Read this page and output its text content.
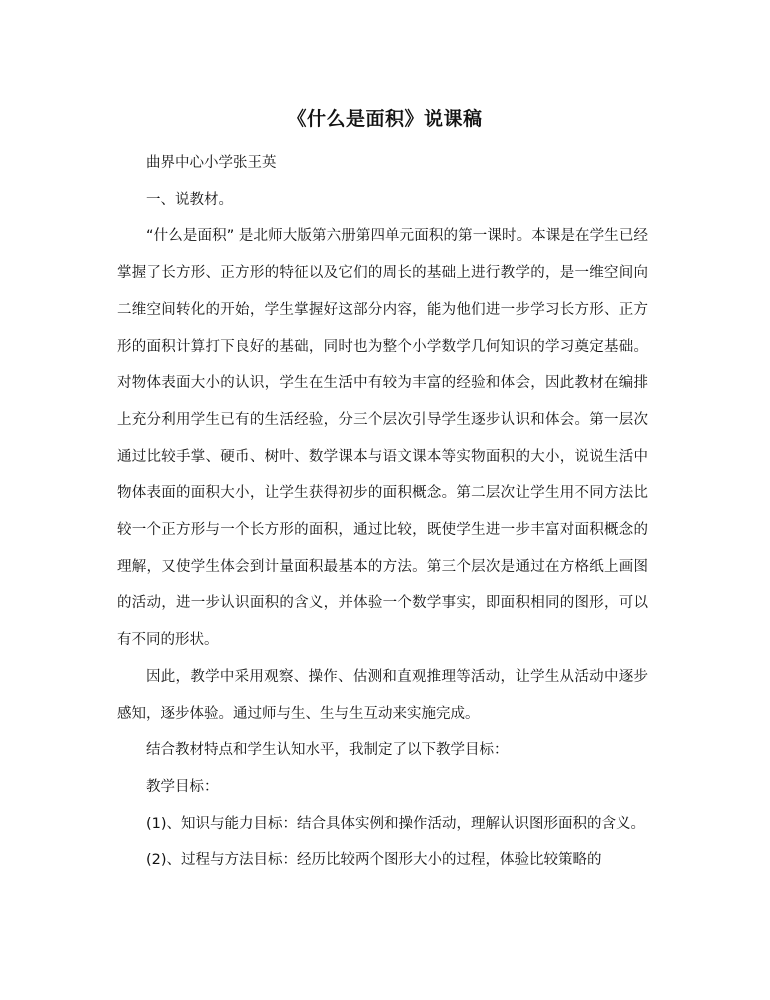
《什么是面积》说课稿

曲界中心小学张王英

一、说教材。

“什么是面积” 是北师大版第六册第四单元面积的第一课时。本课是在学生已经掌握了长方形、正方形的特征以及它们的周长的基础上进行教学的，是一维空间向二维空间转化的开始，学生掌握好这部分内容，能为他们进一步学习长方形、正方形的面积计算打下良好的基础，同时也为整个小学数学几何知识的学习奠定基础。对物体表面大小的认识，学生在生活中有较为丰富的经验和体会，因此教材在编排上充分利用学生已有的生活经验，分三个层次引导学生逐步认识和体会。第一层次通过比较手掌、硬币、树叶、数学课本与语文课本等实物面积的大小，说说生活中物体表面的面积大小，让学生获得初步的面积概念。第二层次让学生用不同方法比较一个正方形与一个长方形的面积，通过比较，既使学生进一步丰富对面积概念的理解，又使学生体会到计量面积最基本的方法。第三个层次是通过在方格纸上画图的活动，进一步认识面积的含义，并体验一个数学事实，即面积相同的图形，可以有不同的形状。

因此，教学中采用观察、操作、估测和直观推理等活动，让学生从活动中逐步感知，逐步体验。通过师与生、生与生互动来实施完成。

结合教材特点和学生认知水平，我制定了以下教学目标：

教学目标：

(1)、知识与能力目标：结合具体实例和操作活动，理解认识图形面积的含义。

(2)、过程与方法目标：经历比较两个图形大小的过程，体验比较策略的
